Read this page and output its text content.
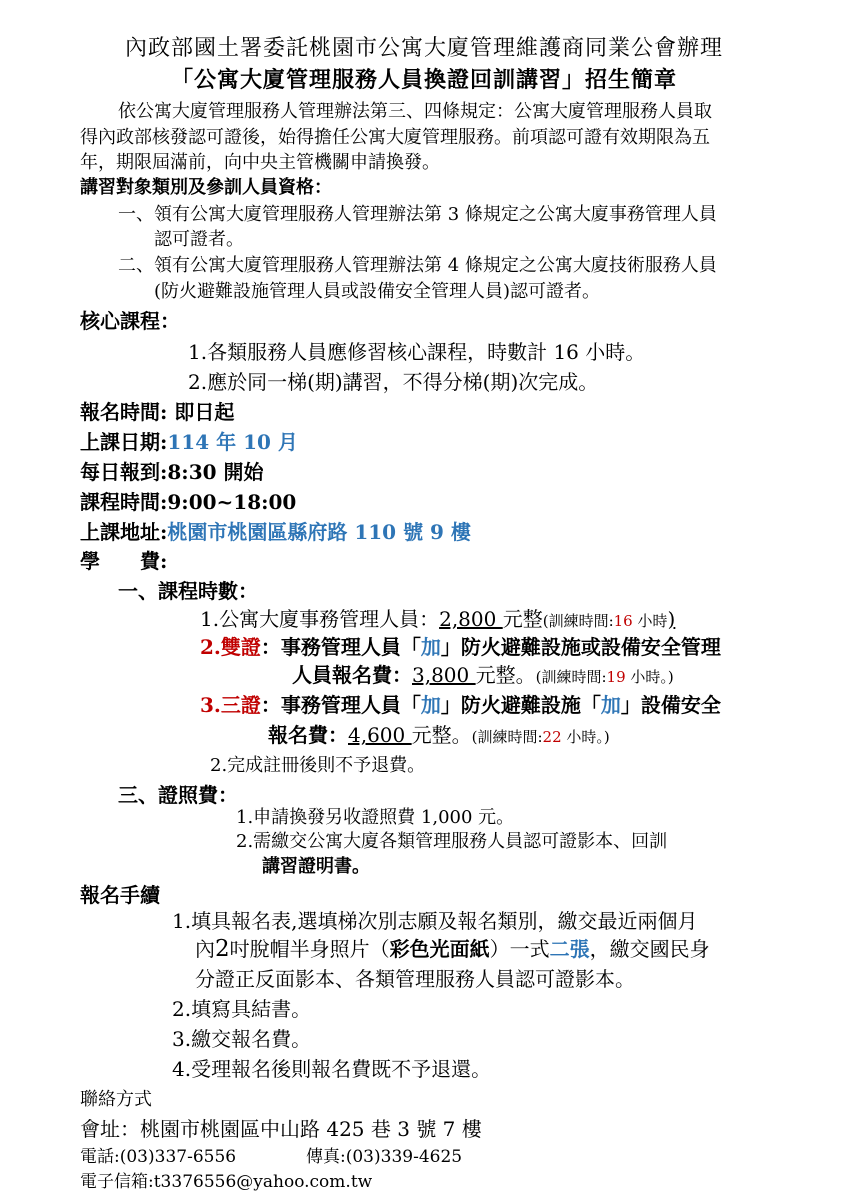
內政部國土署委託桃園市公寓大廈管理維護商同業公會辦理
「公寓大廈管理服務人員換證回訓講習」招生簡章
依公寓大廈管理服務人管理辦法第三、四條規定：公寓大廈管理服務人員取
得內政部核發認可證後，始得擔任公寓大廈管理服務。前項認可證有效期限為五
年，期限屆滿前，向中央主管機關申請換發。
講習對象類別及參訓人員資格：
一、領有公寓大廈管理服務人管理辦法第 3 條規定之公寓大廈事務管理人員
認可證者。
二、領有公寓大廈管理服務人管理辦法第 4 條規定之公寓大廈技術服務人員
(防火避難設施管理人員或設備安全管理人員)認可證者。
核心課程：
1.各類服務人員應修習核心課程，時數計 16 小時。
2.應於同一梯(期)講習，不得分梯(期)次完成。
報名時間: 即日起
上課日期:114 年 10 月
每日報到:8:30 開始
課程時間:9:00~18:00
上課地址:桃園市桃園區縣府路 110 號 9 樓
學　　費:
一、課程時數：
1.公寓大廈事務管理人員：2,800 元整(訓練時間:16 小時)
2.雙證：事務管理人員「加」防火避難設施或設備安全管理
人員報名費：3,800 元整。(訓練時間:19 小時。)
3.三證：事務管理人員「加」防火避難設施「加」設備安全
報名費：4,600 元整。(訓練時間:22 小時。)
2.完成註冊後則不予退費。
三、證照費：
1.申請換發另收證照費 1,000 元。
2.需繳交公寓大廈各類管理服務人員認可證影本、回訓
講習證明書。
報名手續
1.填具報名表,選填梯次別志願及報名類別，繳交最近兩個月
內2吋脫帽半身照片（彩色光面紙）一式二張，繳交國民身
分證正反面影本、各類管理服務人員認可證影本。
2.填寫具結書。
3.繳交報名費。
4.受理報名後則報名費既不予退還。
聯絡方式
會址：桃園市桃園區中山路 425 巷 3 號 7 樓
電話:(03)337-6556	傳真:(03)339-4625
電子信箱:t3376556@yahoo.com.tw
